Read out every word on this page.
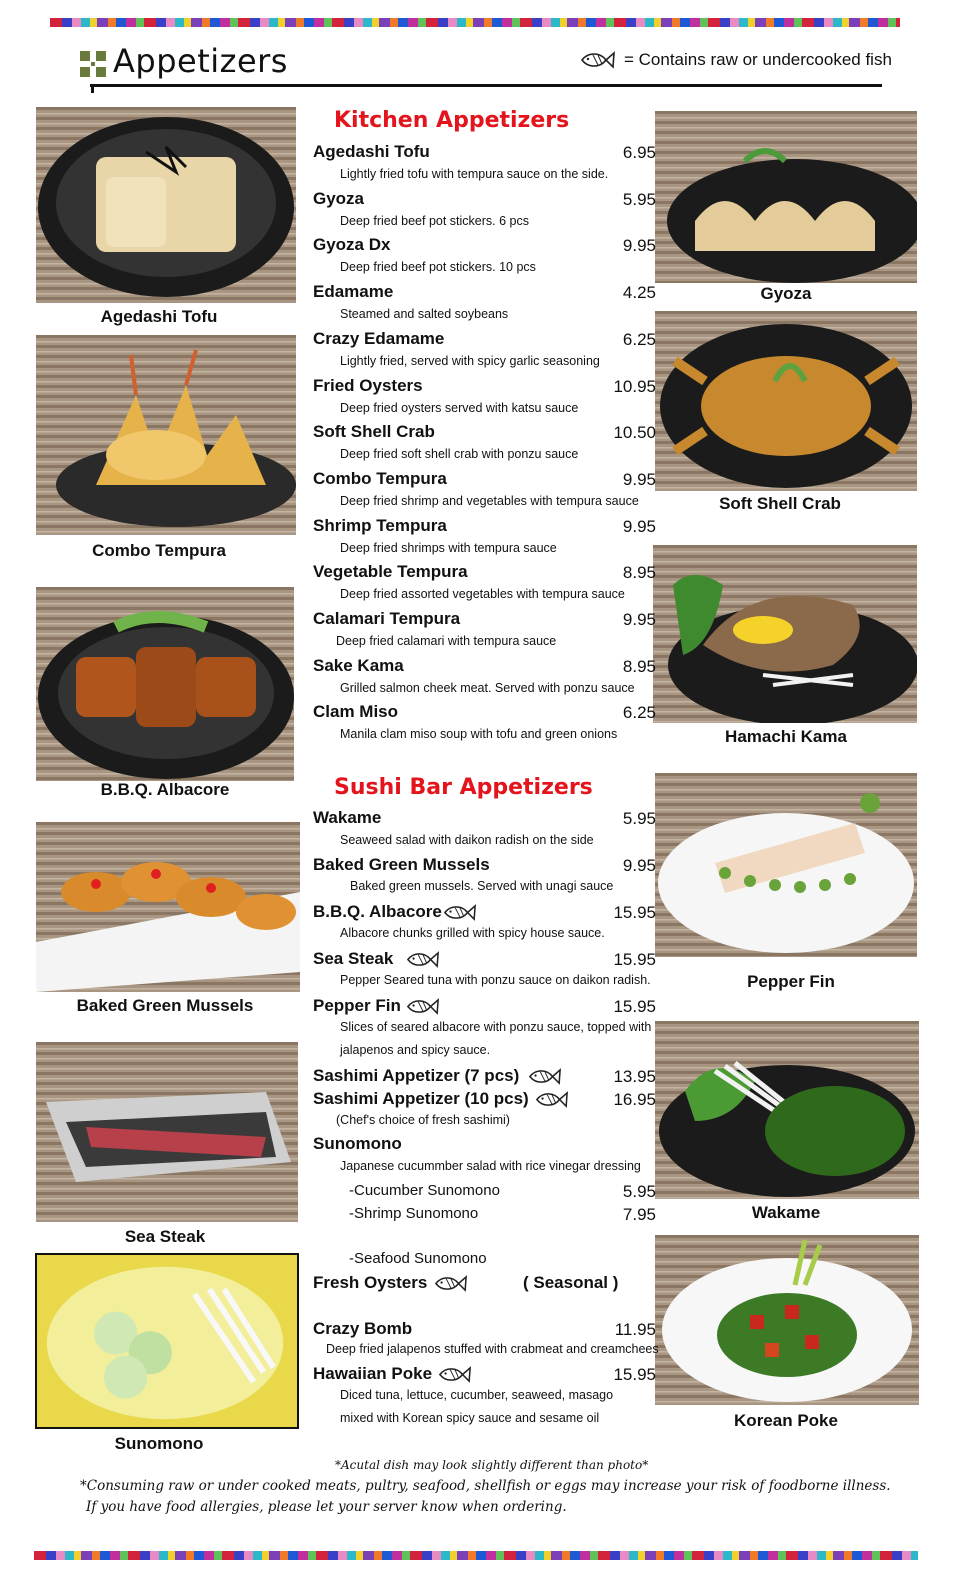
Appetizers	= Contains raw or undercooked fish
Agedashi Tofu
Combo Tempura
B.B.Q. Albacore
Baked Green Mussels
Sea Steak
Sunomono
Gyoza
Soft Shell Crab
Hamachi Kama
Pepper Fin
Wakame
Korean Poke
Kitchen Appetizers
Agedashi Tofu	6.95
Lightly fried tofu with tempura sauce on the side.
Gyoza	5.95
Deep fried beef pot stickers. 6 pcs
Gyoza Dx	9.95
Deep fried beef pot stickers. 10 pcs
Edamame	4.25
Steamed and salted soybeans
Crazy Edamame	6.25
Lightly fried, served with spicy garlic seasoning
Fried Oysters	10.95
Deep fried oysters served with katsu sauce
Soft Shell Crab	10.50
Deep fried soft shell crab with ponzu sauce
Combo Tempura	9.95
Deep fried shrimp and vegetables with tempura sauce
Shrimp Tempura	9.95
Deep fried shrimps with tempura sauce
Vegetable Tempura	8.95
Deep fried assorted vegetables with tempura sauce
Calamari Tempura	9.95
Deep fried calamari with tempura sauce
Sake Kama	8.95
Grilled salmon cheek meat. Served with ponzu sauce
Clam Miso	6.25
Manila clam miso soup with tofu and green onions
Sushi Bar Appetizers
Wakame	5.95
Seaweed salad with daikon radish on the side
Baked Green Mussels	9.95
Baked green mussels. Served with unagi sauce
B.B.Q. Albacore	15.95
Albacore chunks grilled with spicy house sauce.
Sea Steak	15.95
Pepper Seared tuna with ponzu sauce on daikon radish.
Pepper Fin	15.95
Slices of seared albacore with ponzu sauce, topped with
jalapenos and spicy sauce.
Sashimi Appetizer (7 pcs)	13.95
Sashimi Appetizer (10 pcs)	16.95
(Chef's choice of fresh sashimi)
Sunomono
Japanese cucummber salad with rice vinegar dressing
-Cucumber Sunomono	5.95
-Shrimp Sunomono	7.95
-Seafood Sunomono
Fresh Oysters	( Seasonal )
Crazy Bomb	11.95
Deep fried jalapenos stuffed with crabmeat and creamchees
Hawaiian Poke	15.95
Diced tuna, lettuce, cucumber, seaweed, masago
mixed with Korean spicy sauce and sesame oil
*Acutal dish may look slightly different than photo*
*Consuming raw or under cooked meats, pultry, seafood, shellfish or eggs may increase your risk of foodborne illness.
If you have food allergies, please let your server know when ordering.
